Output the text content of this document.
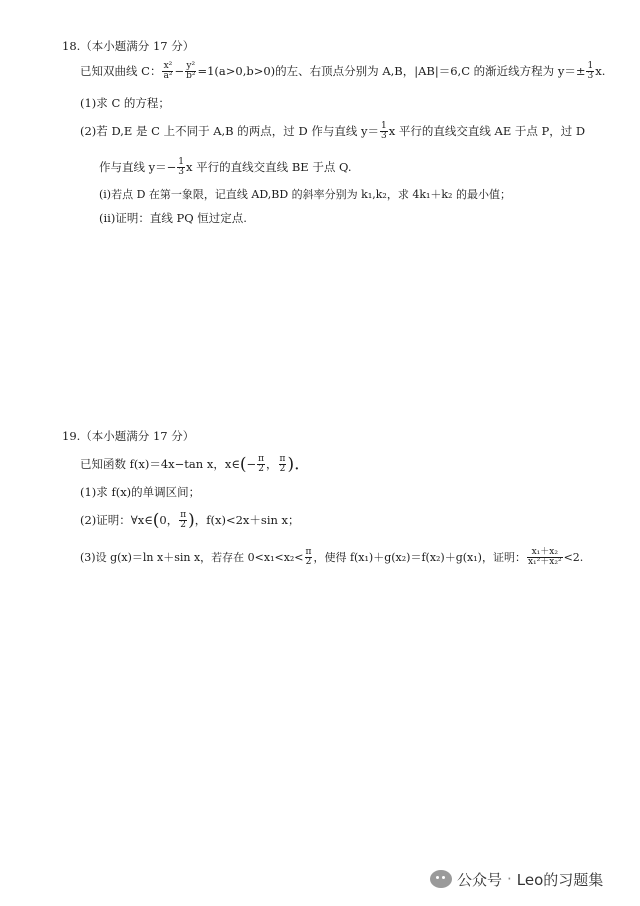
18.（本小题满分 17 分）
已知双曲线 C： $\frac{\text{x²}}{\text{a²}} - \frac{\text{y²}}{\text{b²}} =1(a>0,b>0)$的左、右顶点分别为 A,B，|AB|＝6,C 的渐近线方程为 $y=\pm \frac{1}{3} x$.
(1)求 C 的方程；
(2)若 D,E 是 C 上不同于 A,B 的两点，过 D 作与直线 $y= \frac{1}{3}$ x 平行的直线交直线 AE 于点 P，过 D
作与直线 $y=- \frac{1}{3}$ x 平行的直线交直线 BE 于点 Q.
(ⅰ)若点 D 在第一象限，记直线 AD,BD 的斜率分别为 k₁,k₂，求 4k₁＋k₂ 的最小值；
(ⅱ)证明：直线 PQ 恒过定点.
19.（本小题满分 17 分）
已知函数 f(x)＝4x−tan x，x∈(− $\frac{\pi}{2}$ ， $\frac{\pi}{2}$ ).
(1)求 f(x)的单调区间；
(2)证明：∀x∈(0， $\frac{\pi}{2}$ )，f(x)<2x＋sin x；
(3)设 g(x)＝ln x＋sin x，若存在 $0<x_1<x_2< \frac{\pi}{2}$ ，使得 f(x₁)＋g(x₂)＝f(x₂)＋g(x₁)，证明： $\frac{\text{x₁＋x₂}}{\text{x₁²＋x₂²}} <2$.
公众号 · Leo的习题集
